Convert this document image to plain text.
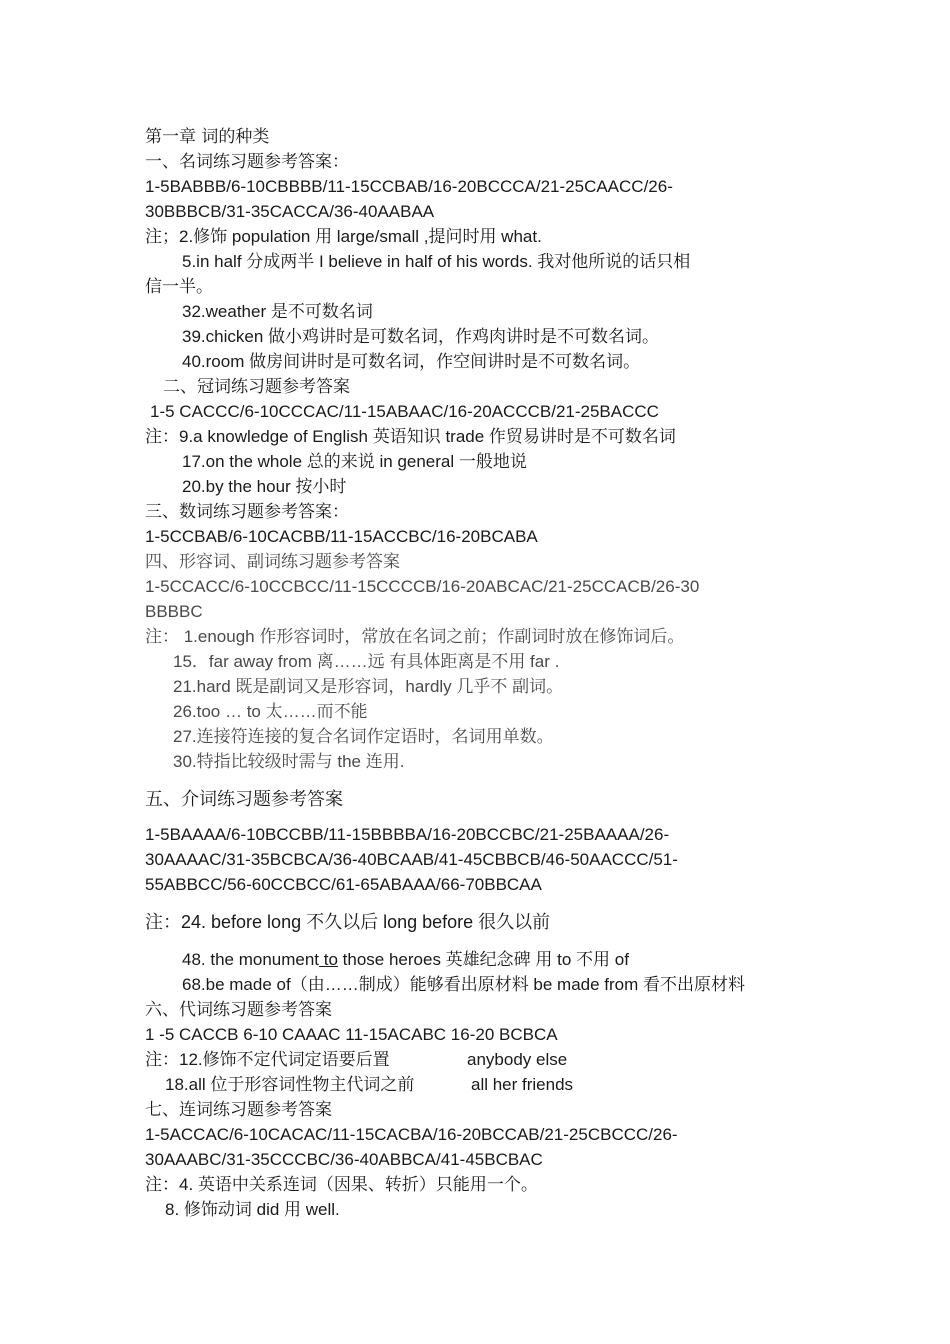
第一章 词的种类
一、名词练习题参考答案：
1-5BABBB/6-10CBBBB/11-15CCBAB/16-20BCCCA/21-25CAACC/26-
30BBBCB/31-35CACCA/36-40AABAA
注；2.修饰 population 用 large/small ,提问时用 what.
5.in half 分成两半 I believe in half of his words. 我对他所说的话只相
信一半。
32.weather 是不可数名词
39.chicken 做小鸡讲时是可数名词，作鸡肉讲时是不可数名词。
40.room 做房间讲时是可数名词，作空间讲时是不可数名词。
二、冠词练习题参考答案
1-5 CACCC/6-10CCCAC/11-15ABAAC/16-20ACCCB/21-25BACCC
注：9.a knowledge of English 英语知识 trade 作贸易讲时是不可数名词
17.on the whole 总的来说 in general 一般地说
20.by the hour 按小时
三、数词练习题参考答案：
1-5CCBAB/6-10CACBB/11-15ACCBC/16-20BCABA
四、形容词、副词练习题参考答案
1-5CCACC/6-10CCBCC/11-15CCCCB/16-20ABCAC/21-25CCACB/26-30
BBBBC
注： 1.enough 作形容词时，常放在名词之前；作副词时放在修饰词后。
15．far away from 离……远 有具体距离是不用 far .
21.hard 既是副词又是形容词，hardly 几乎不 副词。
26.too … to 太……而不能
27.连接符连接的复合名词作定语时，名词用单数。
30.特指比较级时需与 the 连用.
五、介词练习题参考答案
1-5BAAAA/6-10BCCBB/11-15BBBBA/16-20BCCBC/21-25BAAAA/26-
30AAAAC/31-35BCBCA/36-40BCAAB/41-45CBBCB/46-50AACCC/51-
55ABBCC/56-60CCBCC/61-65ABAAA/66-70BBCAA
注：24. before long 不久以后 long before 很久以前
48. the monument to those heroes 英雄纪念碑 用 to 不用 of
68.be made of（由……制成）能够看出原材料 be made from 看不出原材料
六、代词练习题参考答案
1 -5 CACCB 6-10 CAAAC 11-15ACABC 16-20 BCBCA
注：12.修饰不定代词定语要后置	anybody else
18.all 位于形容词性物主代词之前	all her friends
七、连词练习题参考答案
1-5ACCAC/6-10CACAC/11-15CACBA/16-20BCCAB/21-25CBCCC/26-
30AAABC/31-35CCCBC/36-40ABBCA/41-45BCBAC
注：4. 英语中关系连词（因果、转折）只能用一个。
8. 修饰动词 did 用 well.
